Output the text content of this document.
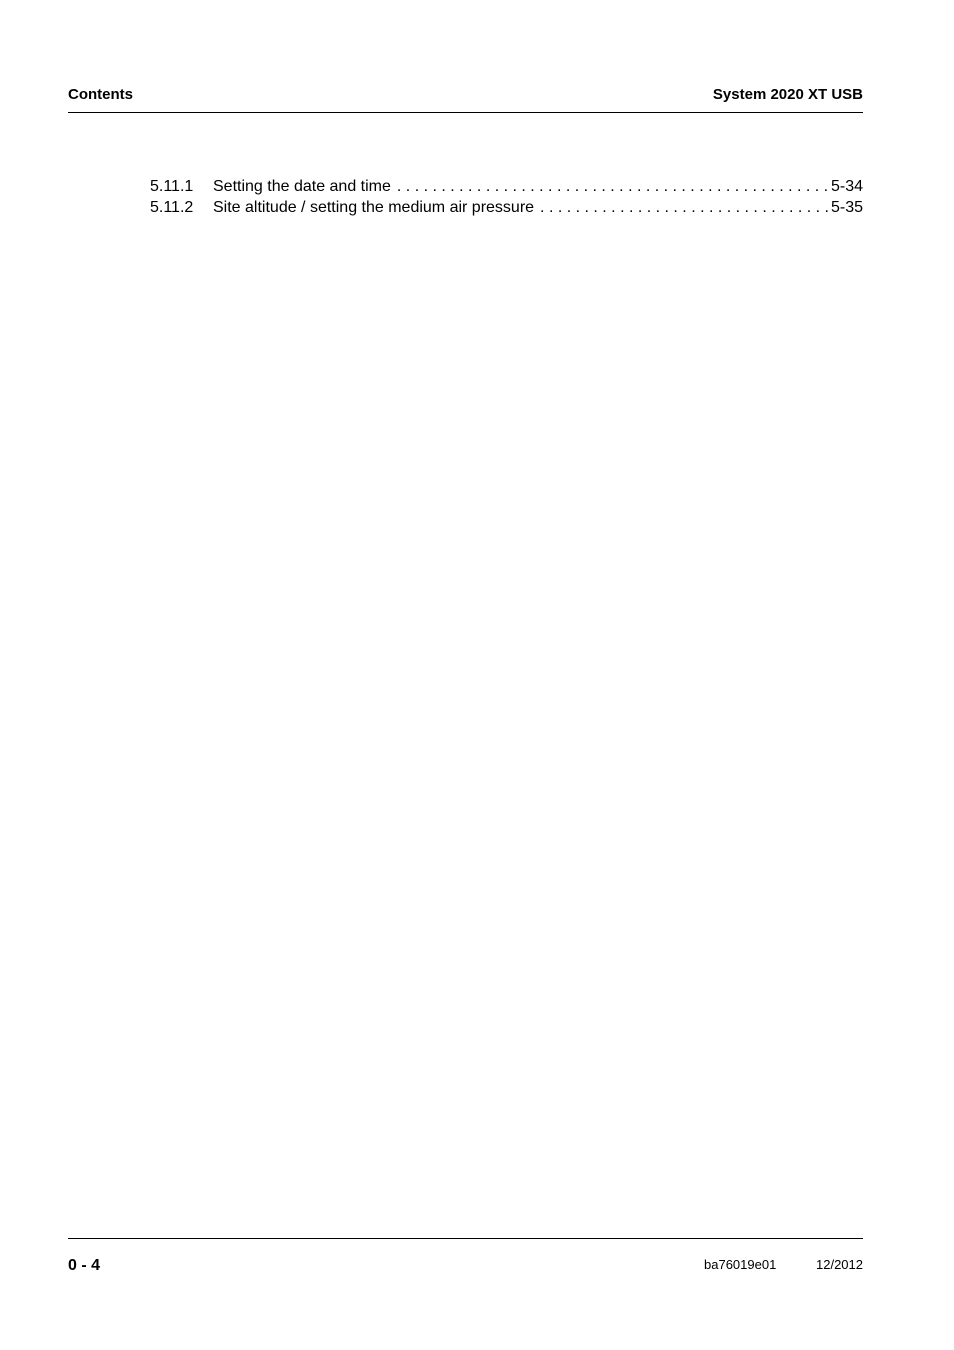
Contents	System 2020 XT USB
5.11.1 Setting the date and time . . .	5-34
5.11.2 Site altitude / setting the medium air pressure . . .	5-35
0 - 4	ba76019e01	12/2012
